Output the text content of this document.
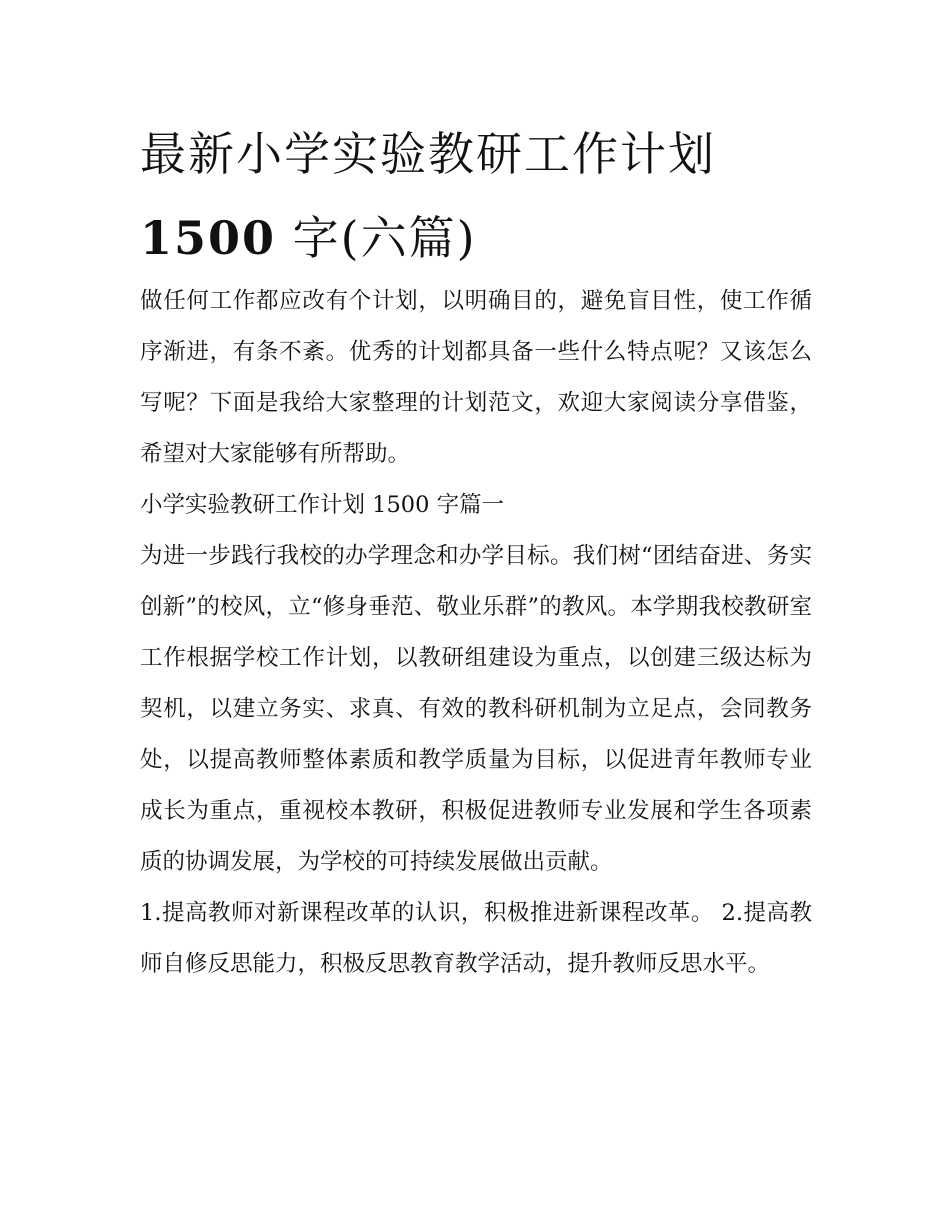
最新小学实验教研工作计划
1500 字(六篇)

做任何工作都应改有个计划，以明确目的，避免盲目性，使工作循序渐进，有条不紊。优秀的计划都具备一些什么特点呢？又该怎么写呢？下面是我给大家整理的计划范文，欢迎大家阅读分享借鉴，希望对大家能够有所帮助。

小学实验教研工作计划 1500 字篇一

为进一步践行我校的办学理念和办学目标。我们树“团结奋进、务实创新”的校风，立“修身垂范、敬业乐群”的教风。本学期我校教研室工作根据学校工作计划，以教研组建设为重点，以创建三级达标为契机，以建立务实、求真、有效的教科研机制为立足点，会同教务处，以提高教师整体素质和教学质量为目标，以促进青年教师专业成长为重点，重视校本教研，积极促进教师专业发展和学生各项素质的协调发展，为学校的可持续发展做出贡献。

1.提高教师对新课程改革的认识，积极推进新课程改革。 2.提高教师自修反思能力，积极反思教育教学活动，提升教师反思水平。
